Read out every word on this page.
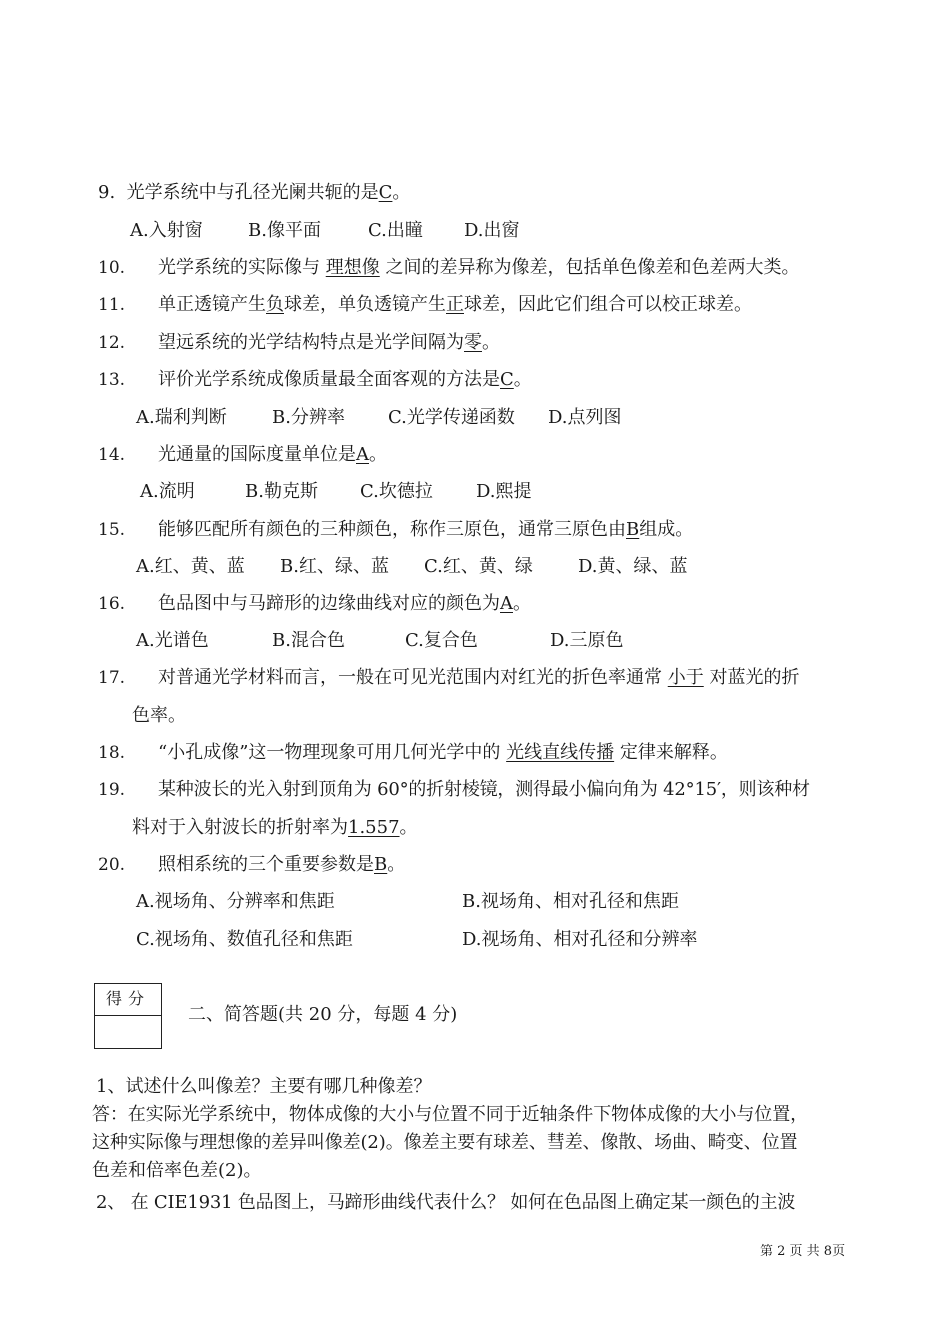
9. 光学系统中与孔径光阑共轭的是C。
A.入射窗	B.像平面	C.出瞳 D.出窗
10. 光学系统的实际像与 理想像 之间的差异称为像差，包括单色像差和色差两大类。
11. 单正透镜产生负球差，单负透镜产生正球差，因此它们组合可以校正球差。
12. 望远系统的光学结构特点是光学间隔为零。
13. 评价光学系统成像质量最全面客观的方法是C。
A.瑞利判断	B.分辨率 C.光学传递函数 D.点列图
14. 光通量的国际度量单位是A。
A.流明	B.勒克斯 C.坎德拉 D.熙提
15. 能够匹配所有颜色的三种颜色，称作三原色，通常三原色由B组成。
A.红、黄、蓝 B.红、绿、蓝 C.红、黄、绿	D.黄、绿、蓝
16. 色品图中与马蹄形的边缘曲线对应的颜色为A。
A.光谱色	B.混合色	C.复合色	D.三原色
17. 对普通光学材料而言，一般在可见光范围内对红光的折色率通常 小于 对蓝光的折
色率。
18. “小孔成像”这一物理现象可用几何光学中的 光线直线传播 定律来解释。
19. 某种波长的光入射到顶角为 60°的折射棱镜，测得最小偏向角为 42°15′，则该种材
料对于入射波长的折射率为1.557。
20. 照相系统的三个重要参数是B。
A.视场角、分辨率和焦距	B.视场角、相对孔径和焦距
C.视场角、数值孔径和焦距	D.视场角、相对孔径和分辨率
得分
二、简答题(共 20 分，每题 4 分)
1、试述什么叫像差？主要有哪几种像差？
答：在实际光学系统中，物体成像的大小与位置不同于近轴条件下物体成像的大小与位置，
这种实际像与理想像的差异叫像差(2)。像差主要有球差、彗差、像散、场曲、畸变、位置
色差和倍率色差(2)。
2、 在 CIE1931 色品图上，马蹄形曲线代表什么？ 如何在色品图上确定某一颜色的主波
第 2 页 共 8页
